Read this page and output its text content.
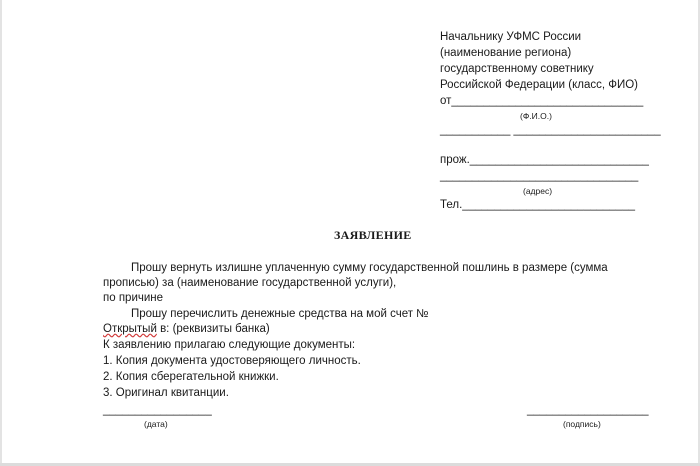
Начальнику УФМС России
(наименование региона)
государственному советнику
Российской Федерации (класс, ФИО)
от______________________________
(Ф.И.О.)
___________ _______________________
прож.____________________________
_______________________________
(адрес)
Тел.___________________________
ЗАЯВЛЕНИЕ
Прошу вернуть излишне уплаченную сумму государственной пошлинь в размере (сумма
прописью) за (наименование государственной услуги),
по причине
Прошу перечислить денежные средства на мой счет №
Открытый в: (реквизиты банка)
К заявлению прилагаю следующие документы:
1. Копия документа удостоверяющего личность.
2. Копия сберегательной книжки.
3. Оригинал квитанции.
_________________
(дата)
___________________
(подпись)
